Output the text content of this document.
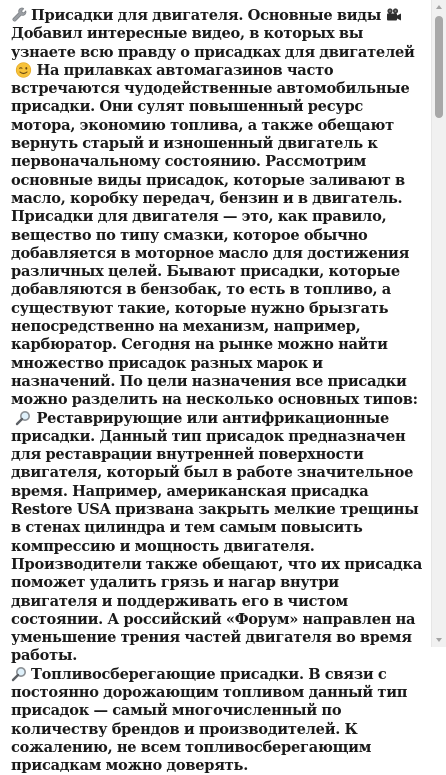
Присадки для двигателя. Основные виды
Добавил интересные видео, в которых вы узнаете всю правду о присадках для двигателей
На прилавках автомагазинов часто встречаются чудодейственные автомобильные присадки. Они сулят повышенный ресурс мотора, экономию топлива, а также обещают вернуть старый и изношенный двигатель к первоначальному состоянию. Рассмотрим основные виды присадок, которые заливают в масло, коробку передач, бензин и в двигатель. Присадки для двигателя — это, как правило, вещество по типу смазки, которое обычно добавляется в моторное масло для достижения различных целей. Бывают присадки, которые добавляются в бензобак, то есть в топливо, а существуют такие, которые нужно брызгать непосредственно на механизм, например, карбюратор. Сегодня на рынке можно найти множество присадок разных марок и назначений. По цели назначения все присадки можно разделить на несколько основных типов:
Реставрирующие или антифрикационные присадки. Данный тип присадок предназначен для реставрации внутренней поверхности двигателя, который был в работе значительное время. Например, американская присадка Restore USA призвана закрыть мелкие трещины в стенах цилиндра и тем самым повысить компрессию и мощность двигателя. Производители также обещают, что их присадка поможет удалить грязь и нагар внутри двигателя и поддерживать его в чистом состоянии. А российский «Форум» направлен на уменьшение трения частей двигателя во время работы.

Топливосберегающие присадки. В связи с постоянно дорожающим топливом данный тип присадок — самый многочисленный по количеству брендов и производителей. К сожалению, не всем топливосберегающим присадкам можно доверять.
